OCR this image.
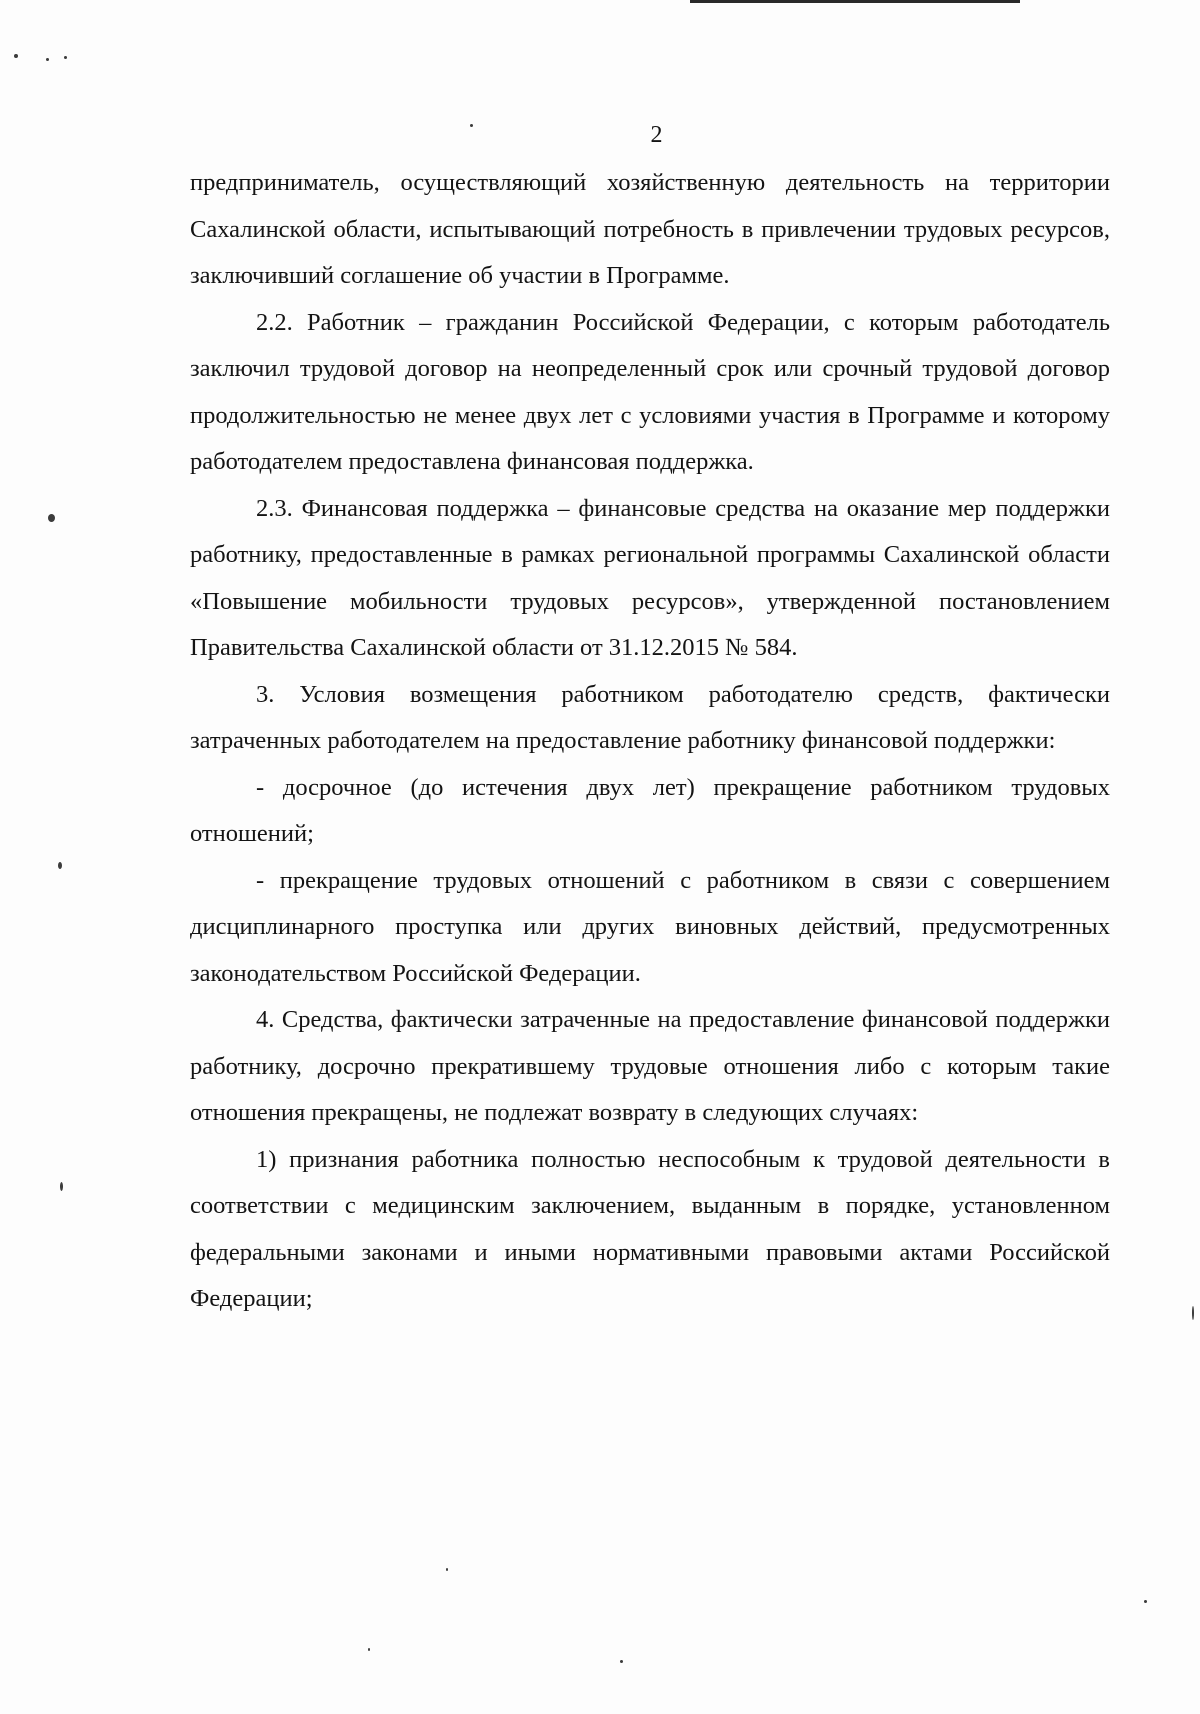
2

предприниматель, осуществляющий хозяйственную деятельность на территории Сахалинской области, испытывающий потребность в привлечении трудовых ресурсов, заключивший соглашение об участии в Программе.

2.2. Работник – гражданин Российской Федерации, с которым работодатель заключил трудовой договор на неопределенный срок или срочный трудовой договор продолжительностью не менее двух лет с условиями участия в Программе и которому работодателем предоставлена финансовая поддержка.

2.3. Финансовая поддержка – финансовые средства на оказание мер поддержки работнику, предоставленные в рамках региональной программы Сахалинской области «Повышение мобильности трудовых ресурсов», утвержденной постановлением Правительства Сахалинской области от 31.12.2015 № 584.

3. Условия возмещения работником работодателю средств, фактически затраченных работодателем на предоставление работнику финансовой поддержки:

- досрочное (до истечения двух лет) прекращение работником трудовых отношений;

- прекращение трудовых отношений с работником в связи с совершением дисциплинарного проступка или других виновных действий, предусмотренных законодательством Российской Федерации.

4. Средства, фактически затраченные на предоставление финансовой поддержки работнику, досрочно прекратившему трудовые отношения либо с которым такие отношения прекращены, не подлежат возврату в следующих случаях:

1) признания работника полностью неспособным к трудовой деятельности в соответствии с медицинским заключением, выданным в порядке, установленном федеральными законами и иными нормативными правовыми актами Российской Федерации;
